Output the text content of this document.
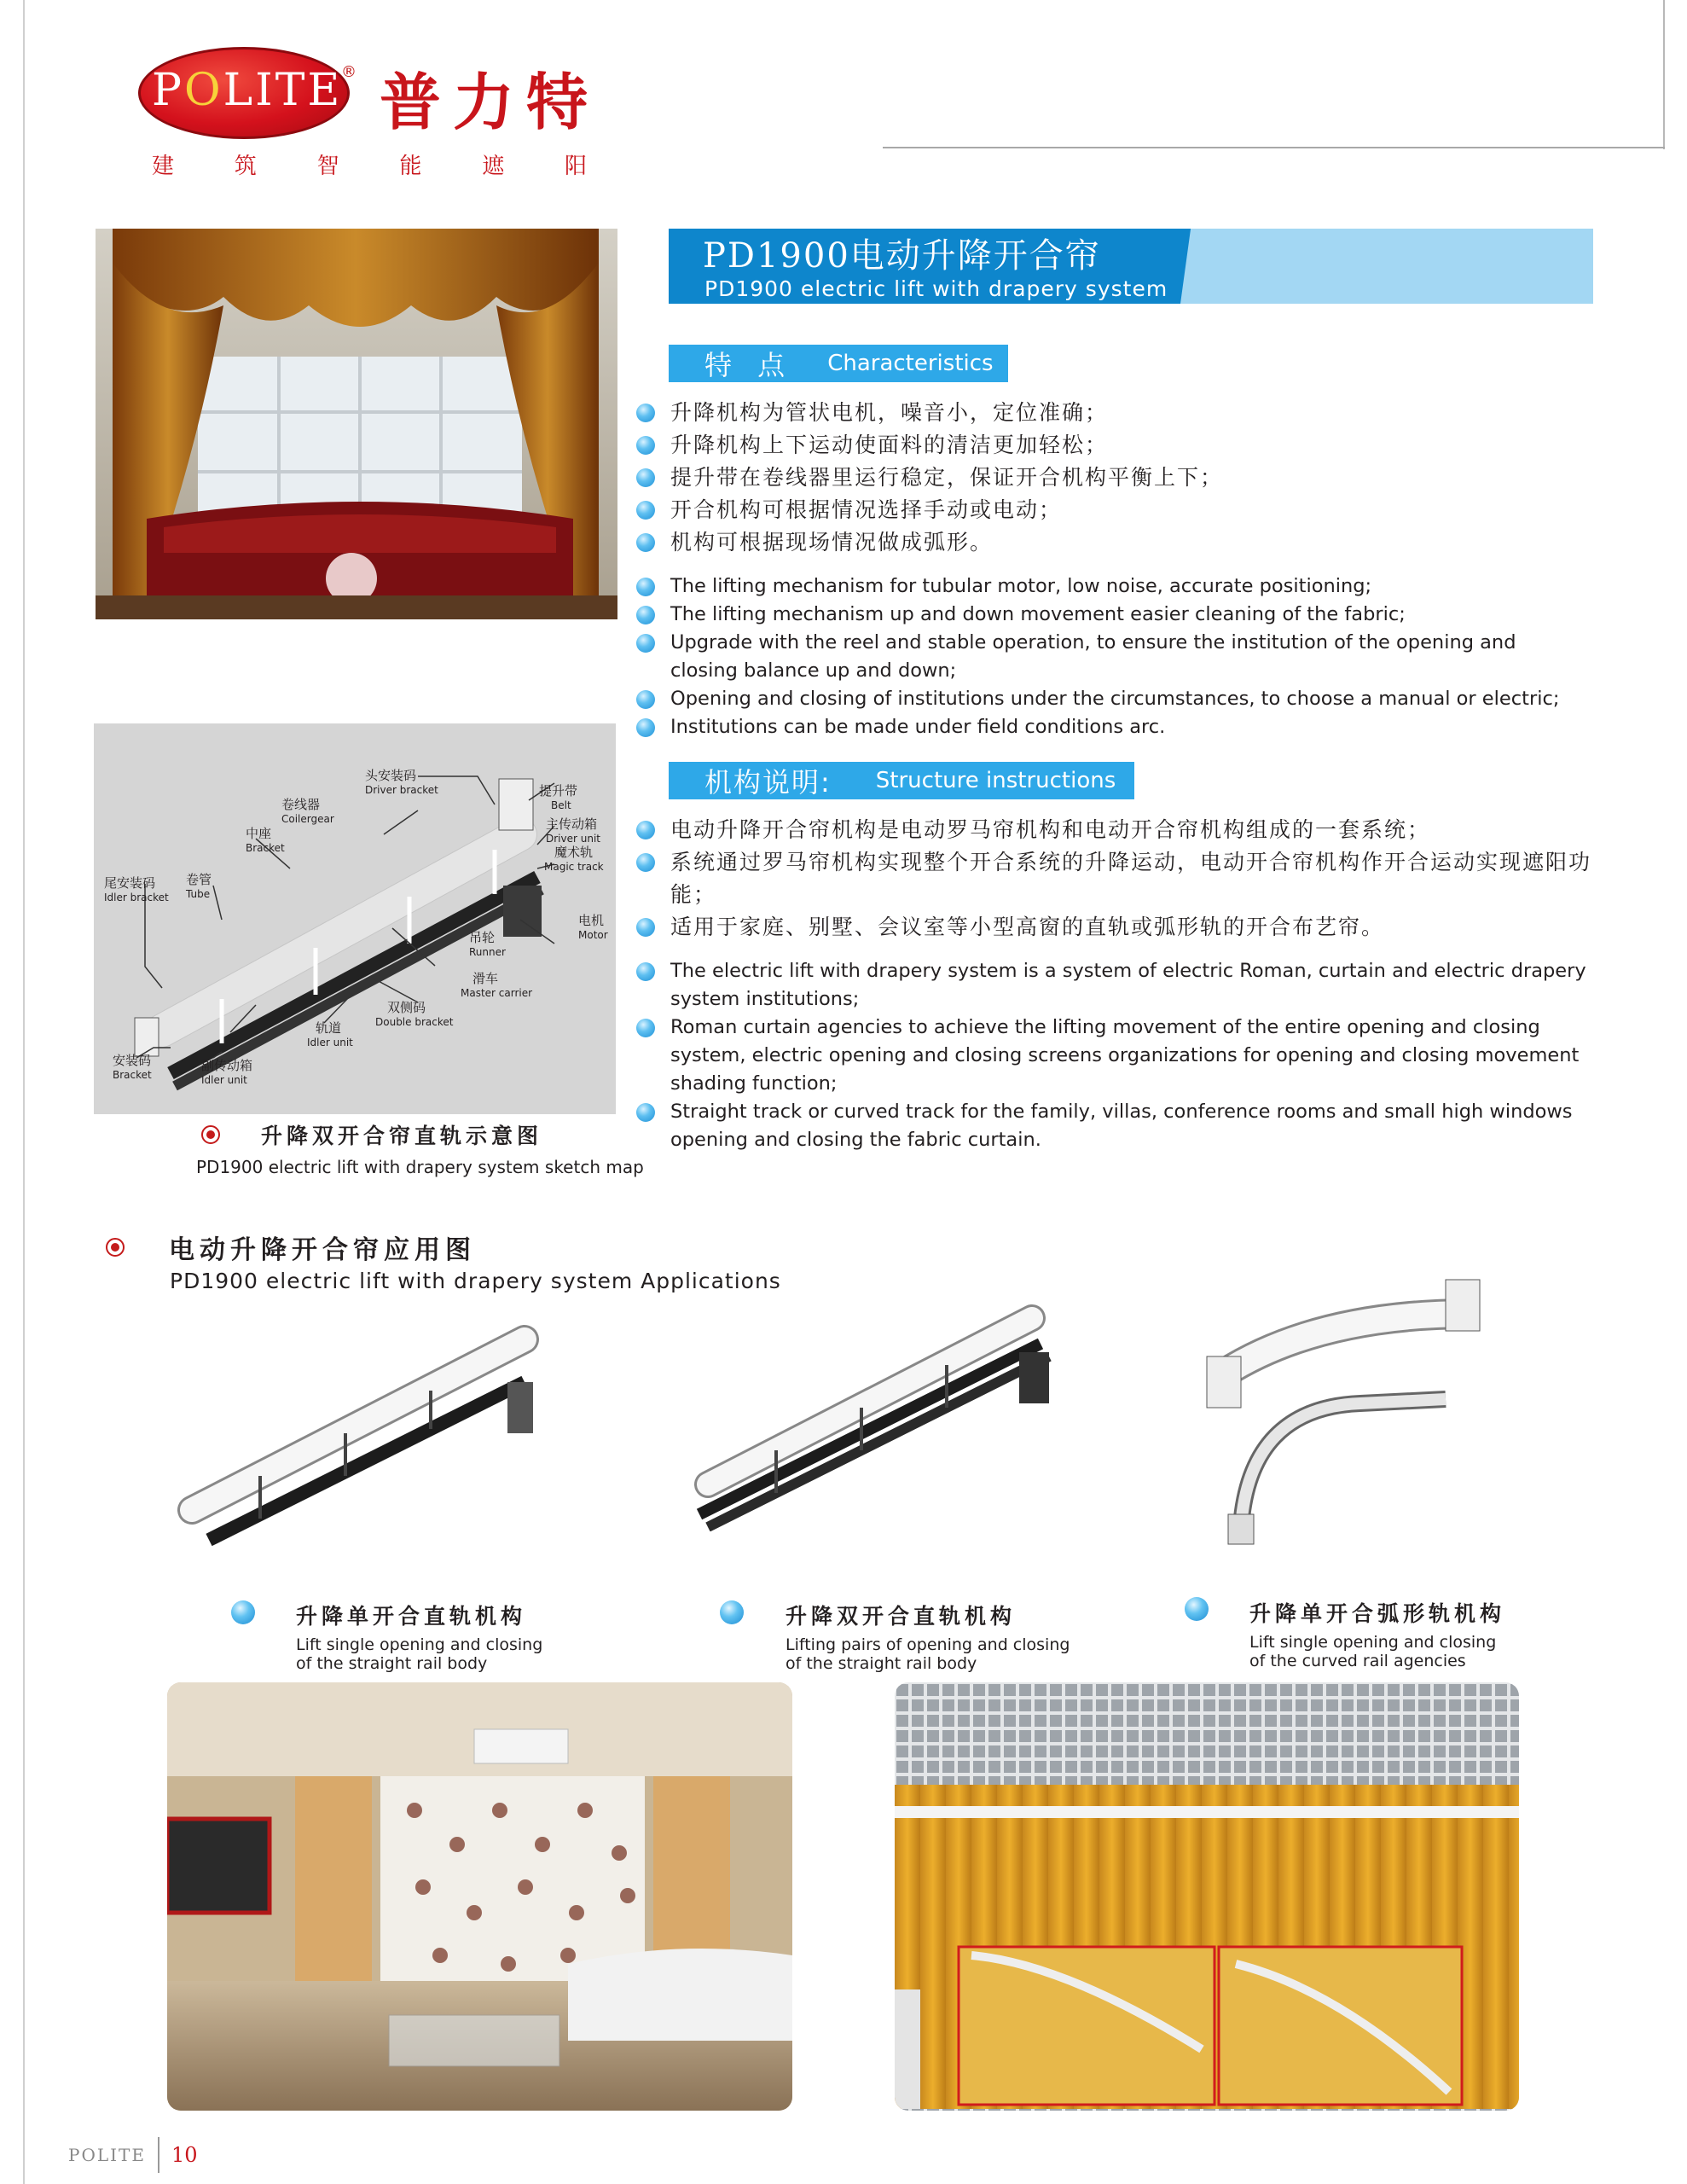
POLITE
® 普力特
建	筑	智	能	遮	阳
PD1900电动升降开合帘
PD1900 electric lift with drapery system
特 点 Characteristics
升降机构为管状电机，噪音小，定位准确；
升降机构上下运动使面料的清洁更加轻松；
提升带在卷线器里运行稳定，保证开合机构平衡上下；
开合机构可根据情况选择手动或电动；
机构可根据现场情况做成弧形。
The lifting mechanism for tubular motor, low noise, accurate positioning;
The lifting mechanism up and down movement easier cleaning of the fabric;
Upgrade with the reel and stable operation, to ensure the institution of the opening and closing balance up and down;
Opening and closing of institutions under the circumstances, to choose a manual or electric;
Institutions can be made under field conditions arc.
机构说明: Structure instructions
电动升降开合帘机构是电动罗马帘机构和电动开合帘机构组成的一套系统；
系统通过罗马帘机构实现整个开合系统的升降运动，电动开合帘机构作开合运动实现遮阳功能；
适用于家庭、别墅、会议室等小型高窗的直轨或弧形轨的开合布艺帘。
The electric lift with drapery system is a system of electric Roman, curtain and electric drapery system institutions;
Roman curtain agencies to achieve the lifting movement of the entire opening and closing system, electric opening and closing screens organizations for opening and closing movement shading function;
Straight track or curved track for the family, villas, conference rooms and small high windows opening and closing the fabric curtain.
头安装码
Driver bracket	提升带
Belt
卷线器
Coilergear	主传动箱
Driver unit
中座
Bracket	魔术轨
Magic track
尾安装码
Idler bracket
卷管
Tube
电机
Motor
吊轮
Runner
滑车
Master carrier
双侧码
Double bracket
轨道
Idler unit
安装码
Bracket
副传动箱
Idler unit
升降双开合帘直轨示意图
PD1900 electric lift with drapery system sketch map
电动升降开合帘应用图
PD1900 electric lift with drapery system Applications
升降单开合直轨机构
Lift single opening and closing
of the straight rail body
升降双开合直轨机构
Lifting pairs of opening and closing
of the straight rail body
升降单开合弧形轨机构
Lift single opening and closing
of the curved rail agencies
POLITE 10
